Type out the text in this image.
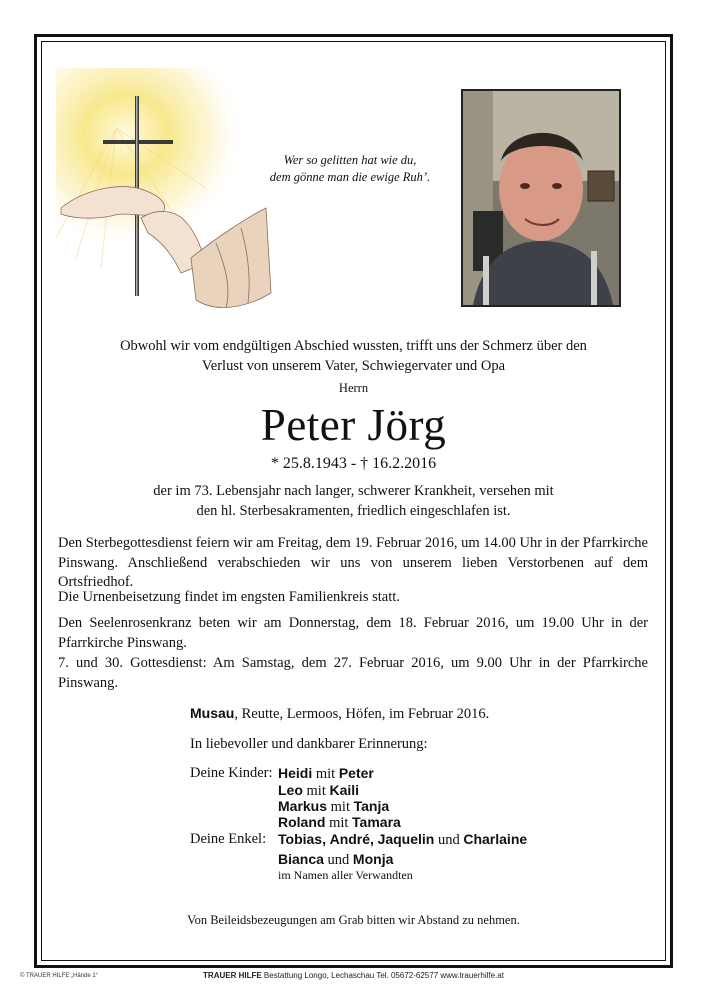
Wer so gelitten hat wie du,
dem gönne man die ewige Ruh’.
Obwohl wir vom endgültigen Abschied wussten, trifft uns der Schmerz über den
Verlust von unserem Vater, Schwiegervater und Opa
Herrn
Peter Jörg
* 25.8.1943 - † 16.2.2016
der im 73. Lebensjahr nach langer, schwerer Krankheit, versehen mit
den hl. Sterbesakramenten, friedlich eingeschlafen ist.
Den Sterbegottesdienst feiern wir am Freitag, dem 19. Februar 2016, um 14.00 Uhr in der Pfarrkirche Pinswang. Anschließend verabschieden wir uns von unserem lieben Verstorbenen auf dem Ortsfriedhof.
Die Urnenbeisetzung findet im engsten Familienkreis statt.
Den Seelenrosenkranz beten wir am Donnerstag, dem 18. Februar 2016, um 19.00 Uhr in der Pfarrkirche Pinswang.
7. und 30. Gottesdienst: Am Samstag, dem 27. Februar 2016, um 9.00 Uhr in der Pfarrkirche Pinswang.
Musau, Reutte, Lermoos, Höfen, im Februar 2016.
In liebevoller und dankbarer Erinnerung:
Deine Kinder: Heidi mit Peter
Leo mit Kaili
Markus mit Tanja
Roland mit Tamara
Deine Enkel: Tobias, André, Jaquelin und Charlaine
Bianca und Monja
im Namen aller Verwandten
Von Beileidsbezeugungen am Grab bitten wir Abstand zu nehmen.
© TRAUER HILFE „Hände 1“	TRAUER HILFE Bestattung Longo, Lechaschau Tel. 05672-62577 www.trauerhilfe.at
